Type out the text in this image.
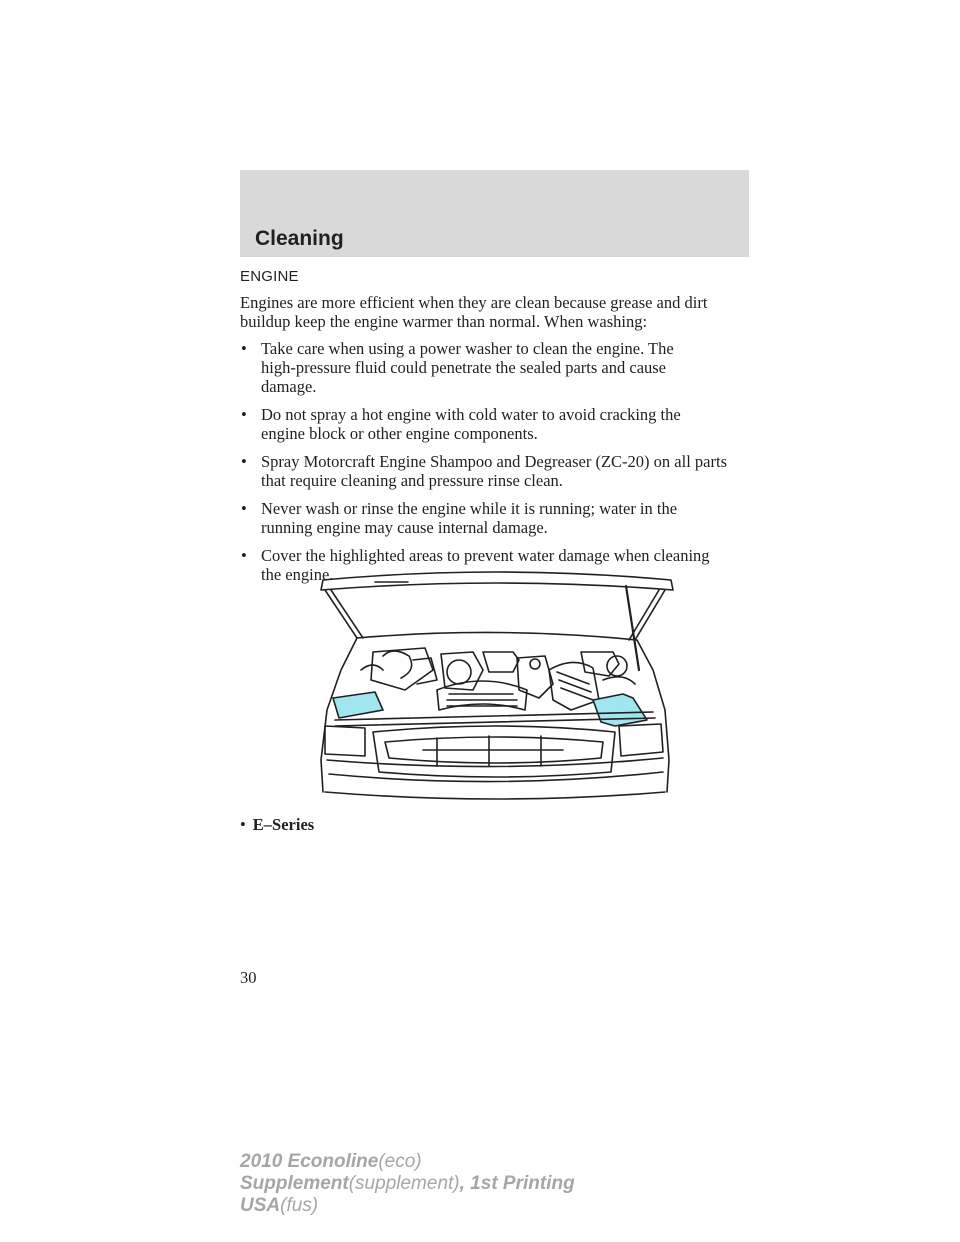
Cleaning
ENGINE

Engines are more efficient when they are clean because grease and dirt
buildup keep the engine warmer than normal. When washing:

• Take care when using a power washer to clean the engine. The
high-pressure fluid could penetrate the sealed parts and cause
damage.
• Do not spray a hot engine with cold water to avoid cracking the
engine block or other engine components.
• Spray Motorcraft Engine Shampoo and Degreaser (ZC-20) on all parts
that require cleaning and pressure rinse clean.
• Never wash or rinse the engine while it is running; water in the
running engine may cause internal damage.
• Cover the highlighted areas to prevent water damage when cleaning
the engine.
• E–Series

30

2010 Econoline(eco)
Supplement(supplement), 1st Printing
USA(fus)
